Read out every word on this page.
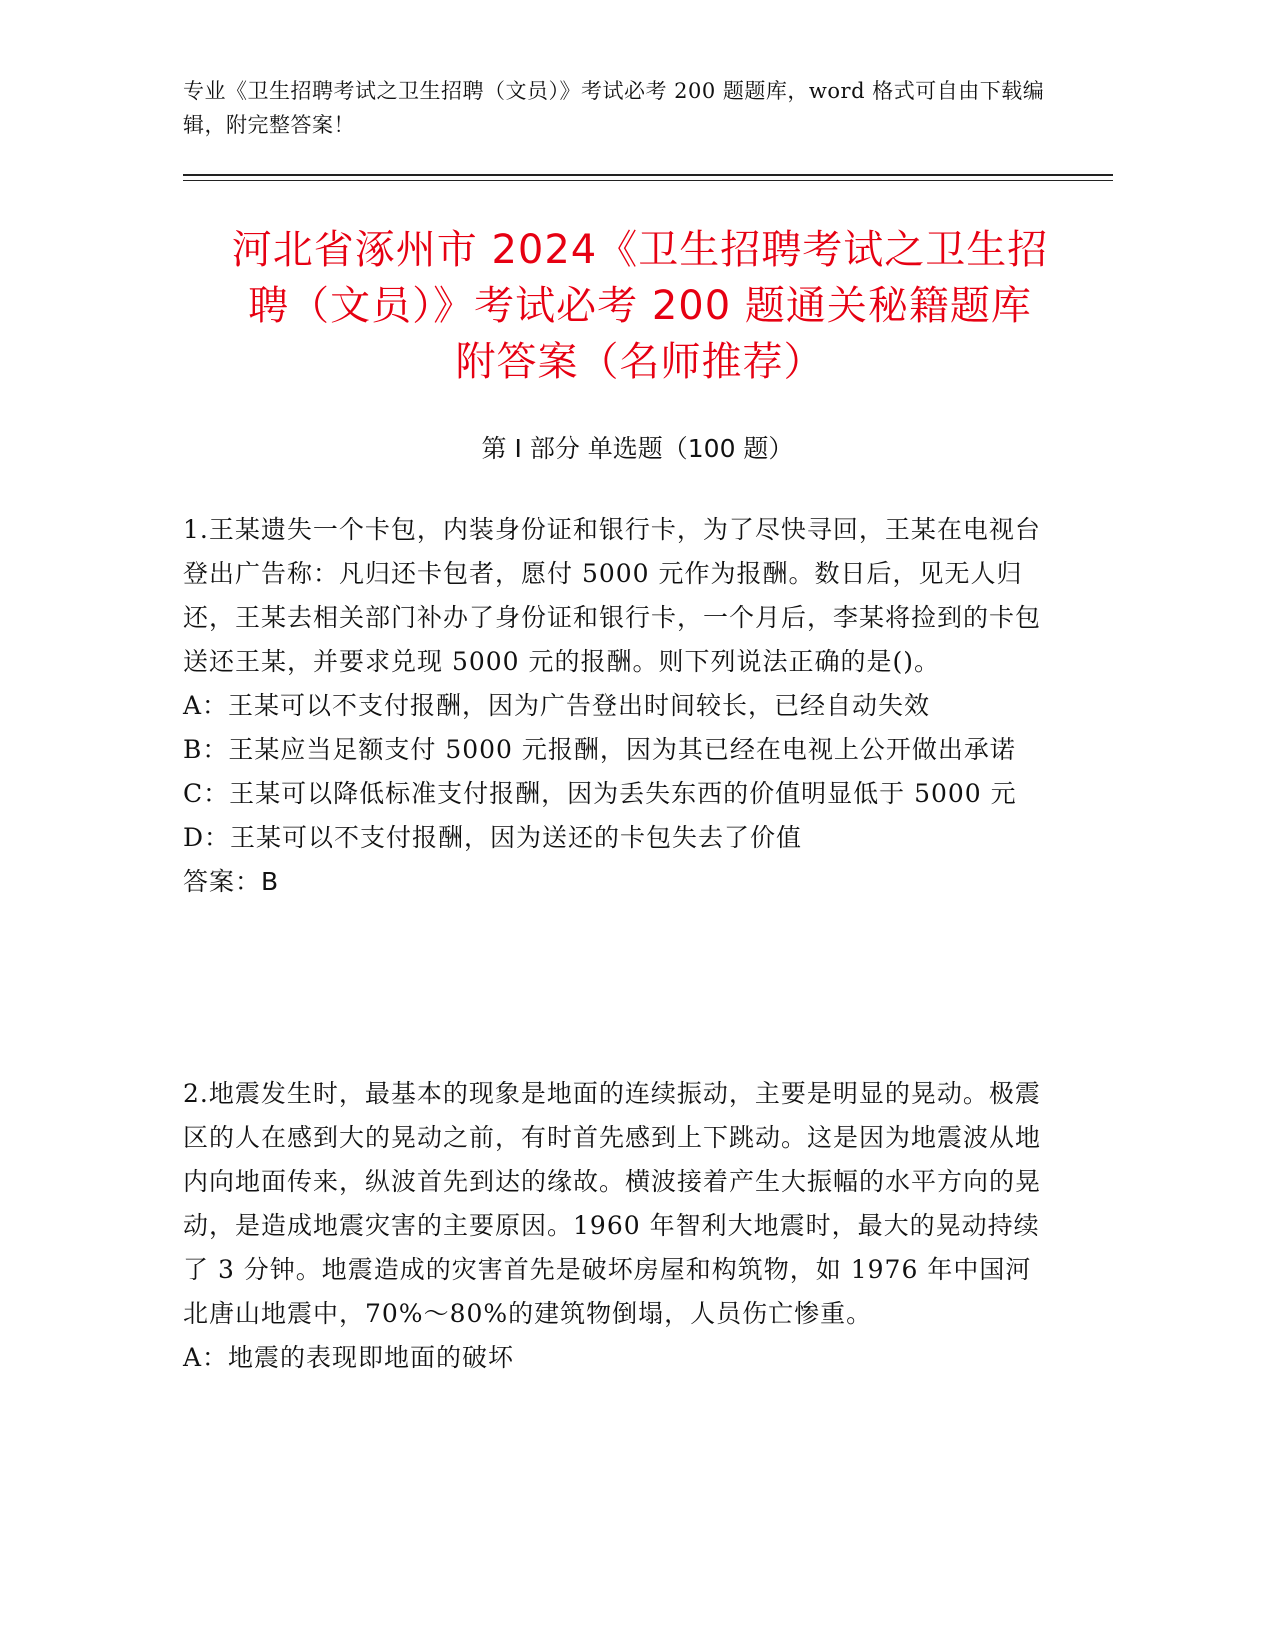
专业《卫生招聘考试之卫生招聘（文员）》考试必考 200 题题库，word 格式可自由下载编辑，附完整答案！
河北省涿州市 2024《卫生招聘考试之卫生招
聘（文员）》考试必考 200 题通关秘籍题库
附答案（名师推荐）
第 I 部分 单选题（100 题）
1.王某遗失一个卡包，内装身份证和银行卡，为了尽快寻回，王某在电视台登出广告称：凡归还卡包者，愿付 5000 元作为报酬。数日后，见无人归还，王某去相关部门补办了身份证和银行卡，一个月后，李某将捡到的卡包送还王某，并要求兑现 5000 元的报酬。则下列说法正确的是()。
A：王某可以不支付报酬，因为广告登出时间较长，已经自动失效
B：王某应当足额支付 5000 元报酬，因为其已经在电视上公开做出承诺
C：王某可以降低标准支付报酬，因为丢失东西的价值明显低于 5000 元
D：王某可以不支付报酬，因为送还的卡包失去了价值
答案：B
2.地震发生时，最基本的现象是地面的连续振动，主要是明显的晃动。极震区的人在感到大的晃动之前，有时首先感到上下跳动。这是因为地震波从地内向地面传来，纵波首先到达的缘故。横波接着产生大振幅的水平方向的晃动，是造成地震灾害的主要原因。1960 年智利大地震时，最大的晃动持续了 3 分钟。地震造成的灾害首先是破坏房屋和构筑物，如 1976 年中国河北唐山地震中，70%～80%的建筑物倒塌，人员伤亡惨重。
A：地震的表现即地面的破坏
